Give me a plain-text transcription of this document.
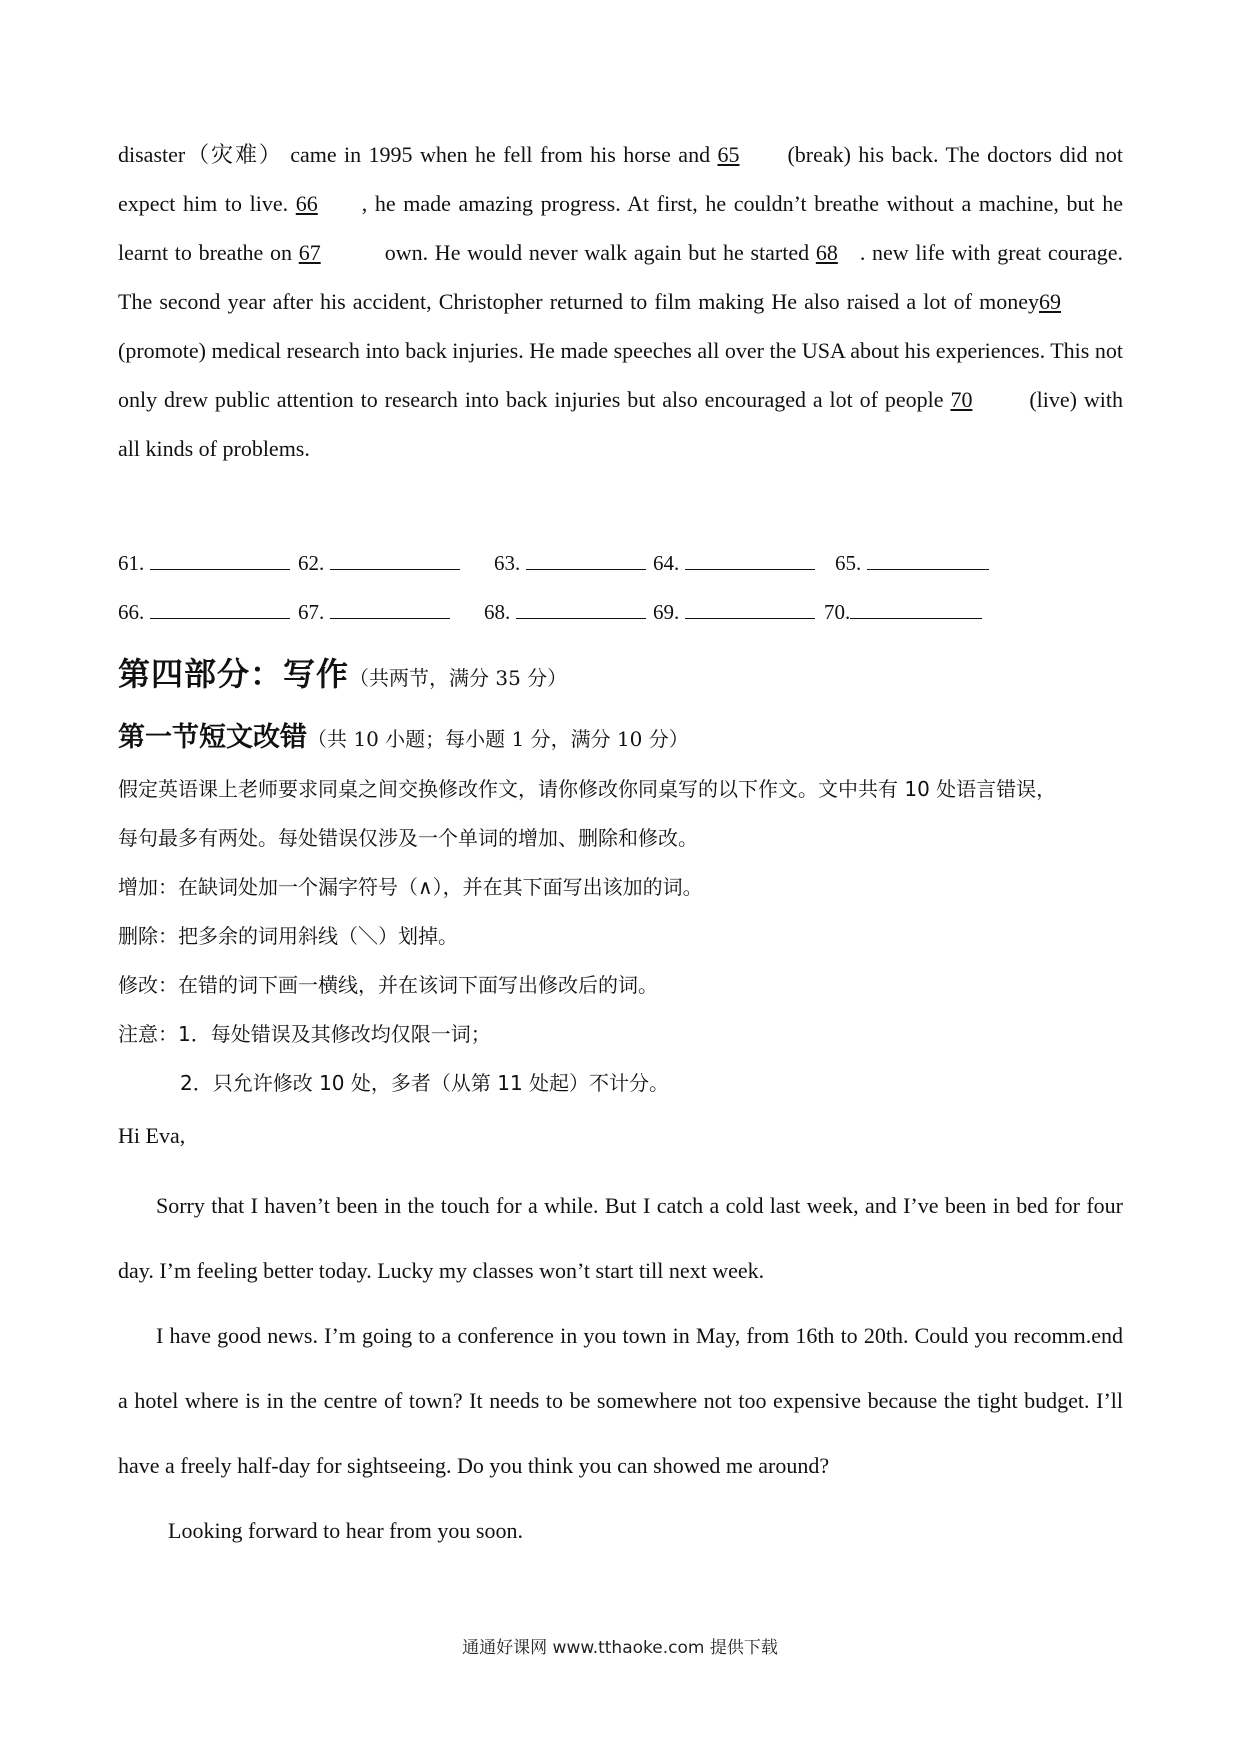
disaster（灾难） came in 1995 when he fell from his horse and 65 (break) his back. The doctors did not expect him to live. 66 , he made amazing progress. At first, he couldn’t breathe without a machine, but he learnt to breathe on 67	own. He would never walk again but he started 68 . new life with great courage. The second year after his accident, Christopher returned to film making He also raised a lot of money69 (promote) medical research into back injuries. He made speeches all over the USA about his experiences. This not only drew public attention to research into back injuries but also encouraged a lot of people 70 (live) with all kinds of problems.
61.	62.	63.	64.	65.
66.	67.	68.	69.	70.
第四部分：写作（共两节，满分 35 分）
第一节短文改错（共 10 小题；每小题 1 分，满分 10 分）
假定英语课上老师要求同桌之间交换修改作文，请你修改你同桌写的以下作文。文中共有 10 处语言错误，
每句最多有两处。每处错误仅涉及一个单词的增加、删除和修改。
增加：在缺词处加一个漏字符号（∧），并在其下面写出该加的词。
删除：把多余的词用斜线（＼）划掉。
修改：在错的词下画一横线，并在该词下面写出修改后的词。
注意：1．每处错误及其修改均仅限一词；
2．只允许修改 10 处，多者（从第 11 处起）不计分。

Hi Eva,

Sorry that I haven’t been in the touch for a while. But I catch a cold last week, and I’ve been in bed for four day. I’m feeling better today. Lucky my classes won’t start till next week.

I have good news. I’m going to a conference in you town in May, from 16th to 20th. Could you recomm.end a hotel where is in the centre of town? It needs to be somewhere not too expensive because the tight budget. I’ll have a freely half-day for sightseeing. Do you think you can showed me around?

Looking forward to hear from you soon.

通通好课网 www.tthaoke.com 提供下载
